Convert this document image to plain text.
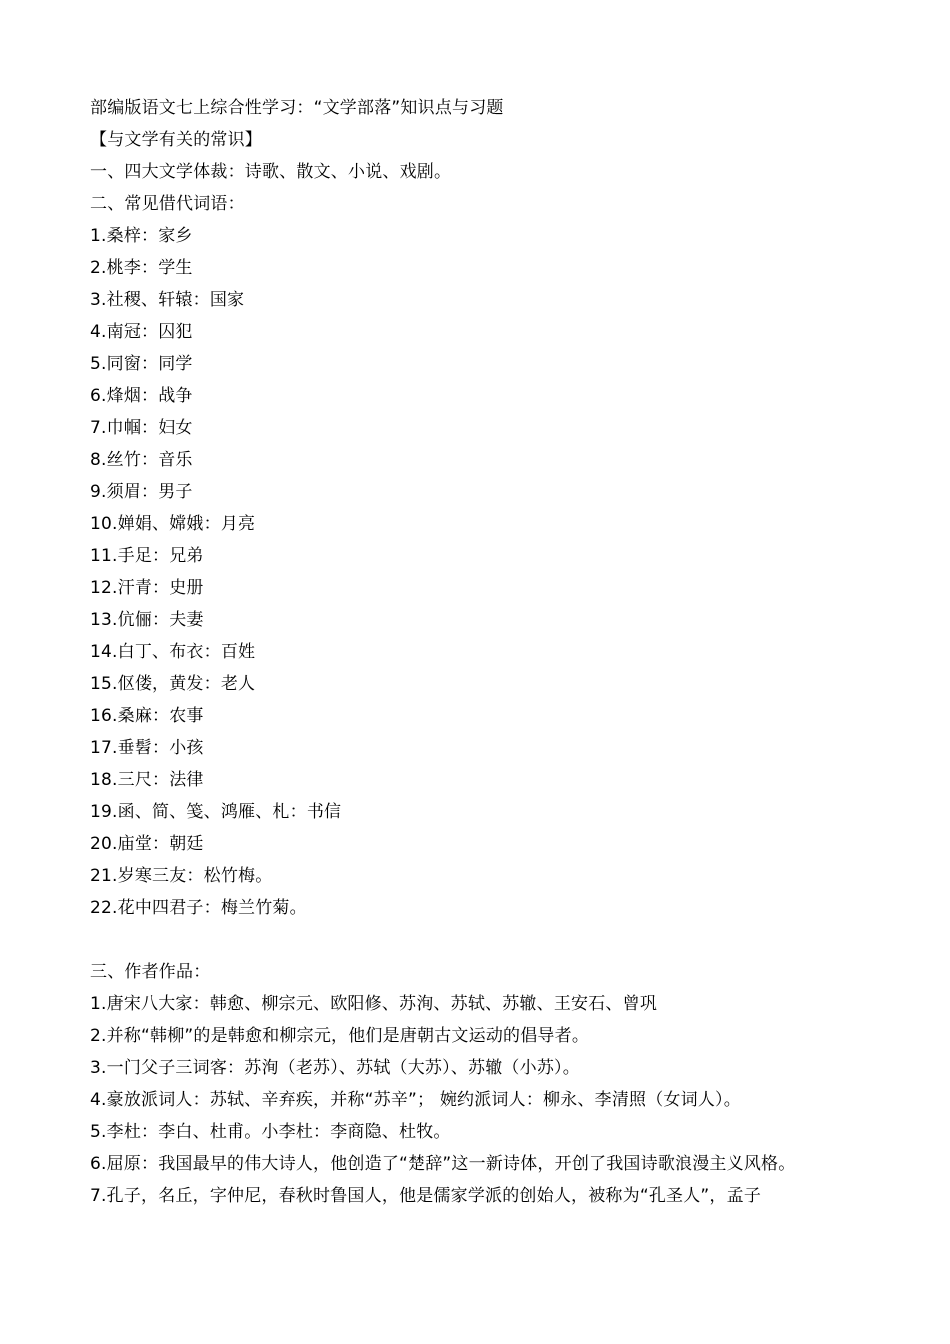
部编版语文七上综合性学习：“文学部落”知识点与习题
【与文学有关的常识】
一、四大文学体裁：诗歌、散文、小说、戏剧。
二、常见借代词语：
1.桑梓：家乡
2.桃李：学生
3.社稷、轩辕：国家
4.南冠：囚犯
5.同窗：同学
6.烽烟：战争
7.巾帼：妇女
8.丝竹：音乐
9.须眉：男子
10.婵娟、嫦娥：月亮
11.手足：兄弟
12.汗青：史册
13.伉俪：夫妻
14.白丁、布衣：百姓
15.伛偻，黄发：老人
16.桑麻：农事
17.垂髫：小孩
18.三尺：法律
19.函、简、笺、鸿雁、札：书信
20.庙堂：朝廷
21.岁寒三友：松竹梅。
22.花中四君子：梅兰竹菊。
三、作者作品：
1.唐宋八大家：韩愈、柳宗元、欧阳修、苏洵、苏轼、苏辙、王安石、曾巩
2.并称“韩柳”的是韩愈和柳宗元，他们是唐朝古文运动的倡导者。
3.一门父子三词客：苏洵（老苏）、苏轼（大苏）、苏辙（小苏）。
4.豪放派词人：苏轼、辛弃疾，并称“苏辛”； 婉约派词人：柳永、李清照（女词人）。
5.李杜：李白、杜甫。小李杜：李商隐、杜牧。
6.屈原：我国最早的伟大诗人，他创造了“楚辞”这一新诗体，开创了我国诗歌浪漫主义风格。
7.孔子，名丘，字仲尼，春秋时鲁国人，他是儒家学派的创始人，被称为“孔圣人”，孟子
